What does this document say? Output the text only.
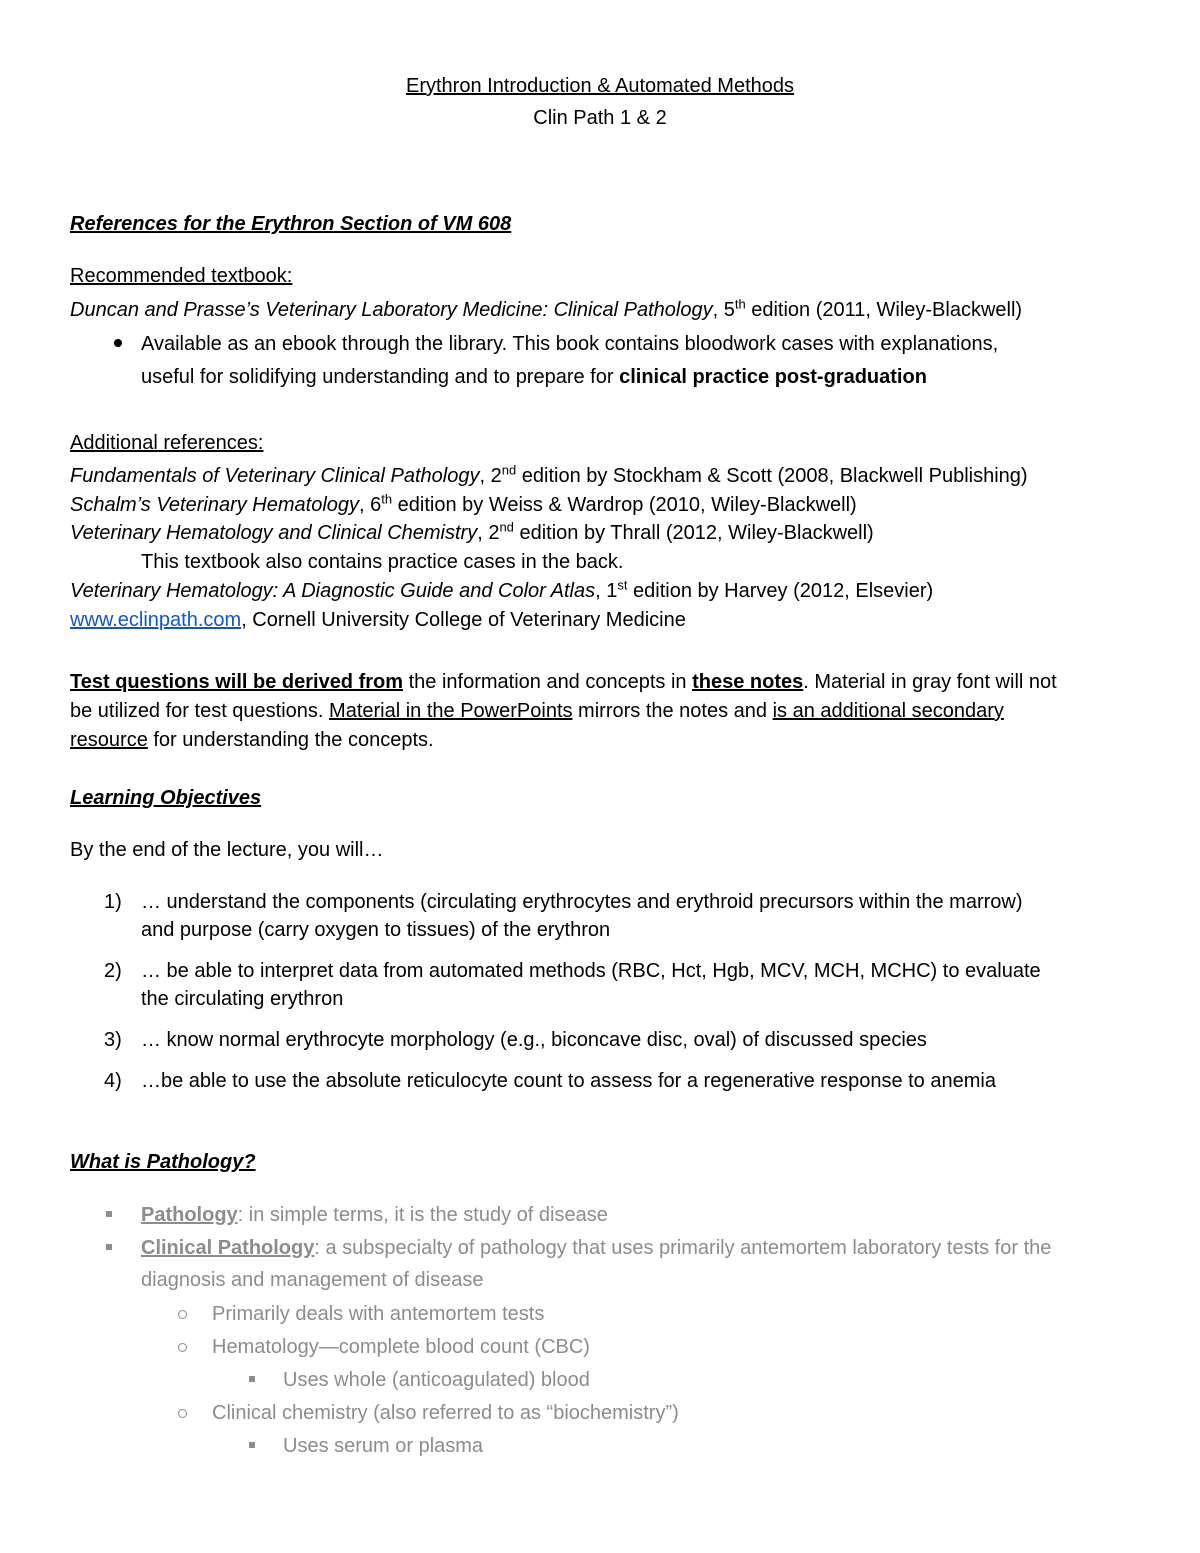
Erythron Introduction & Automated Methods
Clin Path 1 & 2
References for the Erythron Section of VM 608
Recommended textbook:
Duncan and Prasse’s Veterinary Laboratory Medicine: Clinical Pathology, 5th edition (2011, Wiley-Blackwell)
Available as an ebook through the library. This book contains bloodwork cases with explanations,
useful for solidifying understanding and to prepare for clinical practice post-graduation
Additional references:
Fundamentals of Veterinary Clinical Pathology, 2nd edition by Stockham & Scott (2008, Blackwell Publishing)
Schalm’s Veterinary Hematology, 6th edition by Weiss & Wardrop (2010, Wiley-Blackwell)
Veterinary Hematology and Clinical Chemistry, 2nd edition by Thrall (2012, Wiley-Blackwell)
This textbook also contains practice cases in the back.
Veterinary Hematology: A Diagnostic Guide and Color Atlas, 1st edition by Harvey (2012, Elsevier)
www.eclinpath.com, Cornell University College of Veterinary Medicine
Test questions will be derived from the information and concepts in these notes. Material in gray font will not
be utilized for test questions. Material in the PowerPoints mirrors the notes and is an additional secondary
resource for understanding the concepts.
Learning Objectives
By the end of the lecture, you will…
1) … understand the components (circulating erythrocytes and erythroid precursors within the marrow)
and purpose (carry oxygen to tissues) of the erythron
2) … be able to interpret data from automated methods (RBC, Hct, Hgb, MCV, MCH, MCHC) to evaluate
the circulating erythron
3) … know normal erythrocyte morphology (e.g., biconcave disc, oval) of discussed species
4) …be able to use the absolute reticulocyte count to assess for a regenerative response to anemia
What is Pathology?
Pathology: in simple terms, it is the study of disease
Clinical Pathology: a subspecialty of pathology that uses primarily antemortem laboratory tests for the
diagnosis and management of disease
Primarily deals with antemortem tests
Hematology—complete blood count (CBC)
Uses whole (anticoagulated) blood
Clinical chemistry (also referred to as “biochemistry”)
Uses serum or plasma
